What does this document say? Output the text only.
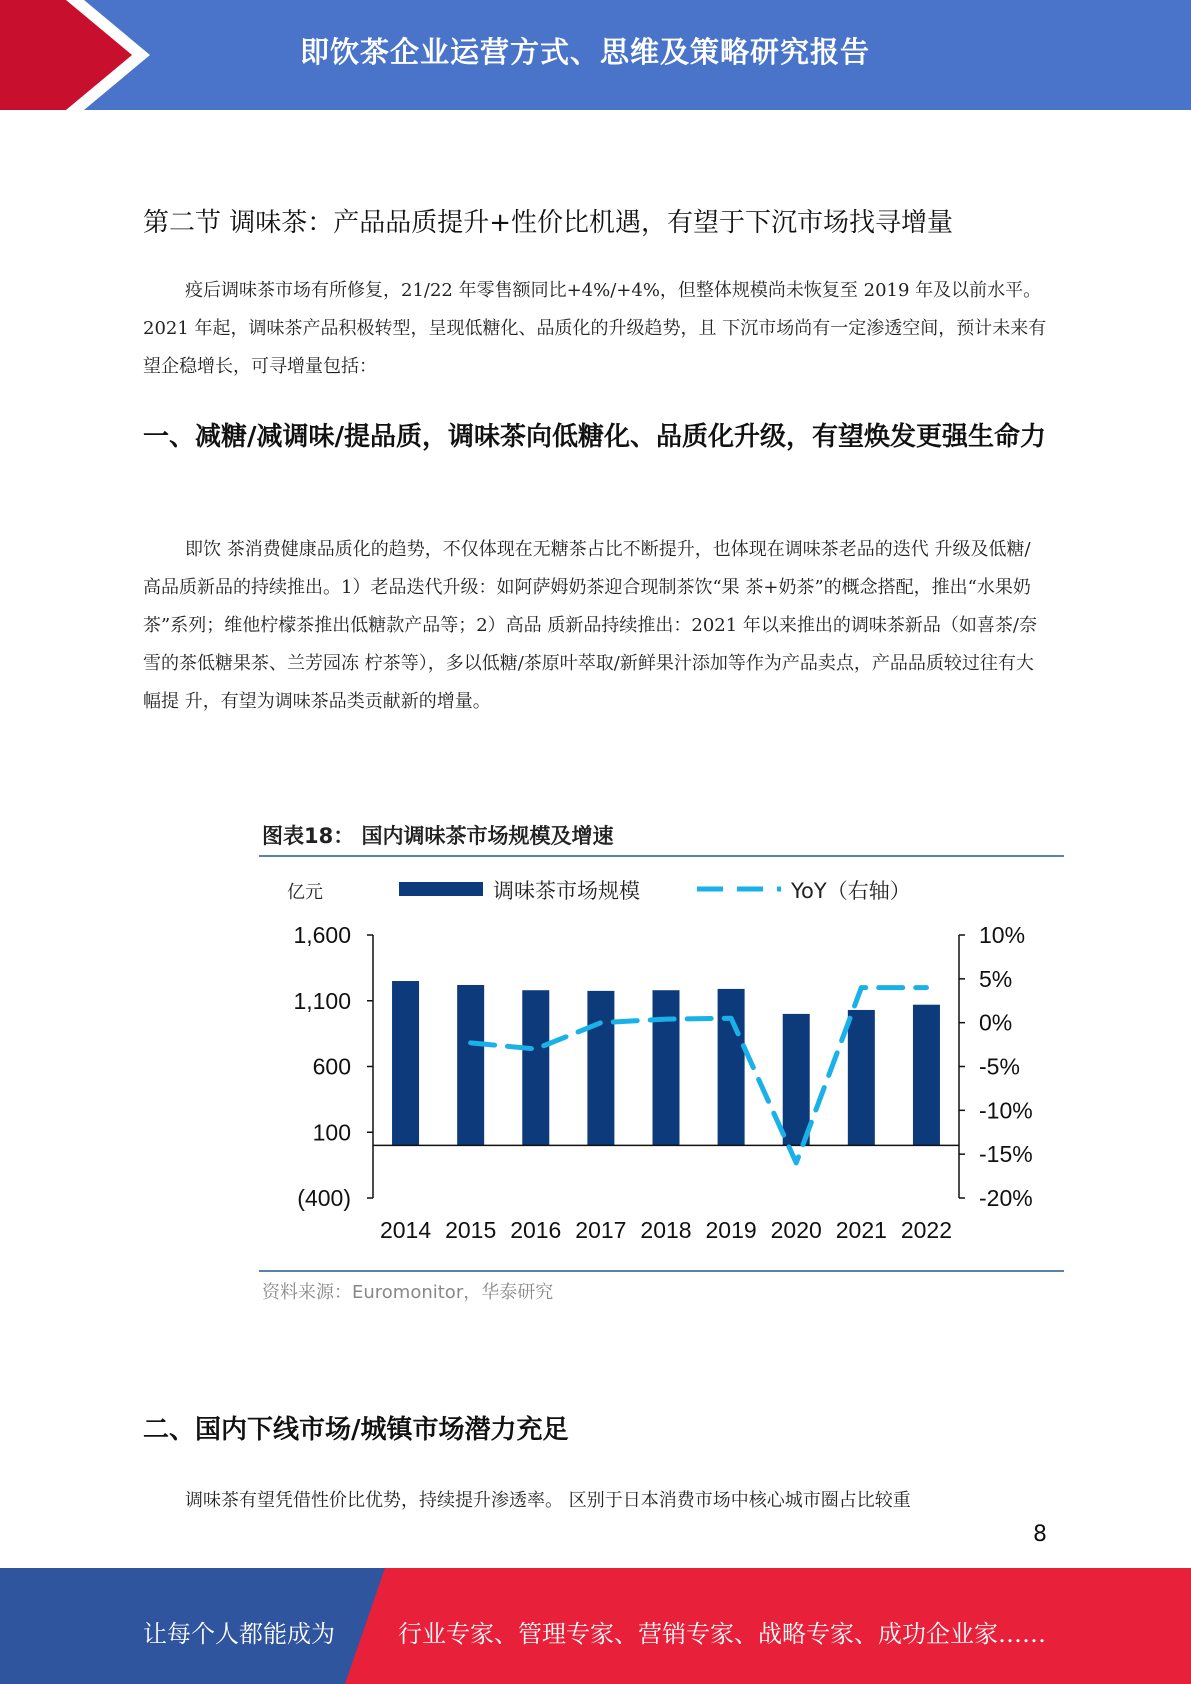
即饮茶企业运营方式、思维及策略研究报告
第二节 调味茶：产品品质提升+性价比机遇，有望于下沉市场找寻增量

疫后调味茶市场有所修复，21/22 年零售额同比+4%/+4%，但整体规模尚未恢复至 2019 年及以前水平。2021 年起，调味茶产品积极转型，呈现低糖化、品质化的升级趋势，且 下沉市场尚有一定渗透空间，预计未来有望企稳增长，可寻增量包括：

一、减糖/减调味/提品质，调味茶向低糖化、品质化升级，有望焕发更强生命力

即饮 茶消费健康品质化的趋势，不仅体现在无糖茶占比不断提升，也体现在调味茶老品的迭代 升级及低糖/高品质新品的持续推出。1）老品迭代升级：如阿萨姆奶茶迎合现制茶饮“果 茶+奶茶”的概念搭配，推出“水果奶茶”系列；维他柠檬茶推出低糖款产品等；2）高品 质新品持续推出：2021 年以来推出的调味茶新品（如喜茶/奈雪的茶低糖果茶、兰芳园冻 柠茶等），多以低糖/茶原叶萃取/新鲜果汁添加等作为产品卖点，产品品质较过往有大幅提 升，有望为调味茶品类贡献新的增量。

图表18： 国内调味茶市场规模及增速
亿元	调味茶市场规模	YoY（右轴）
1,600
1,100
600
100
(400)
10%
5%
0%
-5%
-10%
-15%
-20%
2014 2015 2016 2017 2018 2019 2020 2021 2022
资料来源：Euromonitor，华泰研究
二、国内下线市场/城镇市场潜力充足

调味茶有望凭借性价比优势，持续提升渗透率。 区别于日本消费市场中核心城市圈占比较重

8
让每个人都能成为	行业专家、管理专家、营销专家、战略专家、成功企业家……
